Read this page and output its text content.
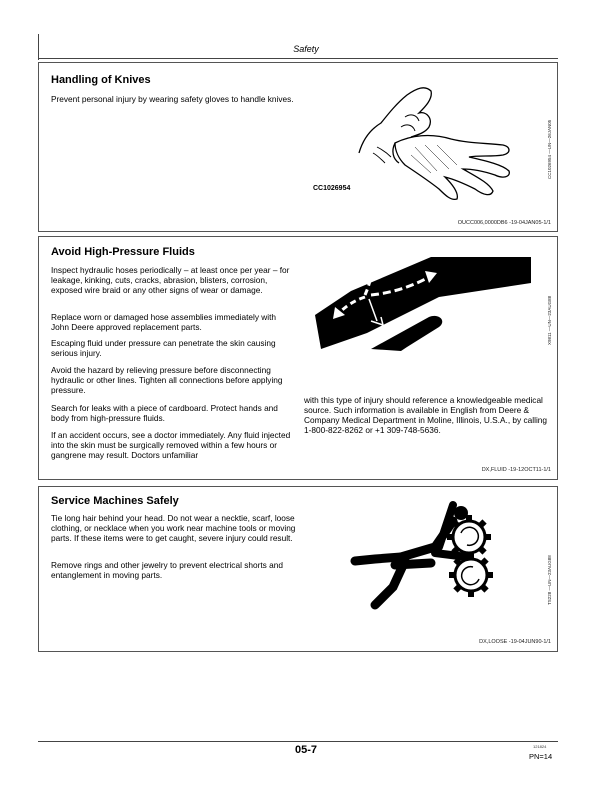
Safety
Handling of Knives

Prevent personal injury by wearing safety gloves to handle knives.

CC1026954
CC1026954 —UN—26JAN05
OUCC006,0000DB6 -19-04JAN05-1/1
Avoid High-Pressure Fluids

Inspect hydraulic hoses periodically – at least once per year – for leakage, kinking, cuts, cracks, abrasion, blisters, corrosion, exposed wire braid or any other signs of wear or damage.

Replace worn or damaged hose assemblies immediately with John Deere approved replacement parts.

Escaping fluid under pressure can penetrate the skin causing serious injury.

Avoid the hazard by relieving pressure before disconnecting hydraulic or other lines. Tighten all connections before applying pressure.

Search for leaks with a piece of cardboard. Protect hands and body from high-pressure fluids.

If an accident occurs, see a doctor immediately. Any fluid injected into the skin must be surgically removed within a few hours or gangrene may result. Doctors unfamiliar

X9811 —UN—23AUG88

with this type of injury should reference a knowledgeable medical source. Such information is available in English from Deere & Company Medical Department in Moline, Illinois, U.S.A., by calling 1-800-822-8262 or +1 309-748-5636.

DX,FLUID -19-12OCT11-1/1
Service Machines Safely

Tie long hair behind your head. Do not wear a necktie, scarf, loose clothing, or necklace when you work near machine tools or moving parts. If these items were to get caught, severe injury could result.

Remove rings and other jewelry to prevent electrical shorts and entanglement in moving parts.	TS228 —UN—23AUG88
DX,LOOSE -19-04JUN90-1/1
05-7	121824
PN=14
